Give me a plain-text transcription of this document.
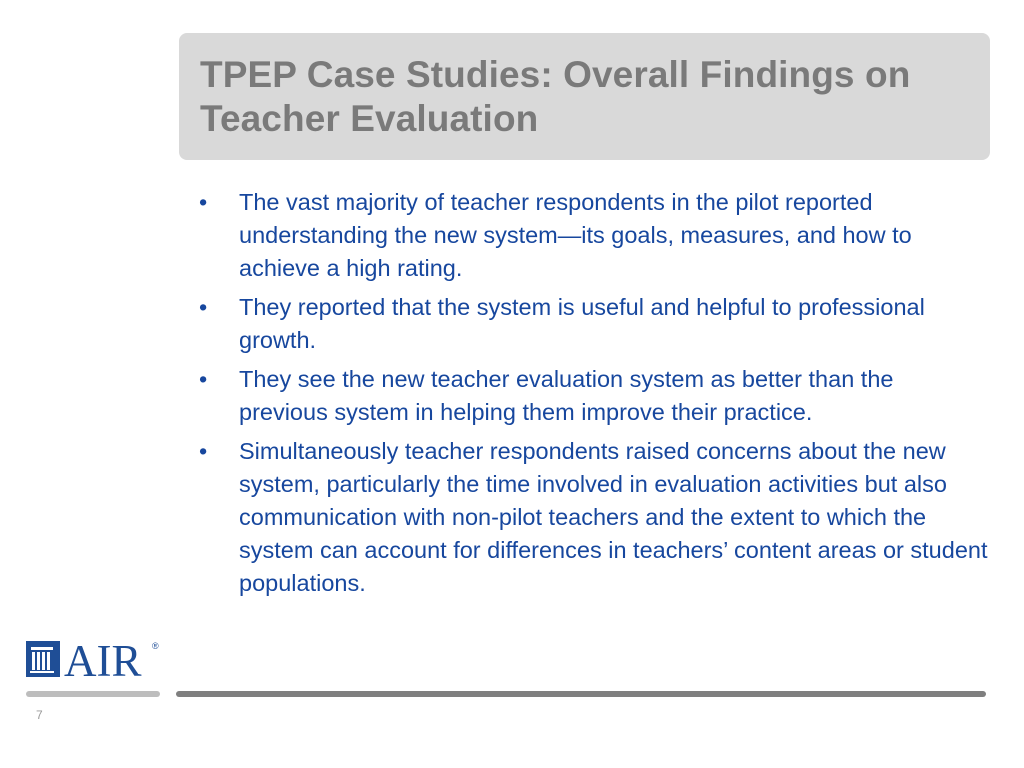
TPEP Case Studies: Overall Findings on Teacher Evaluation
• The vast majority of teacher respondents in the pilot reported understanding the new system—its goals, measures, and how to achieve a high rating.
• They reported that the system is useful and helpful to professional growth.
• They see the new teacher evaluation system as better than the previous system in helping them improve their practice.
• Simultaneously teacher respondents raised concerns about the new system, particularly the time involved in evaluation activities but also communication with non-pilot teachers and the extent to which the system can account for differences in teachers’ content areas or student populations.
AIR ®
7
